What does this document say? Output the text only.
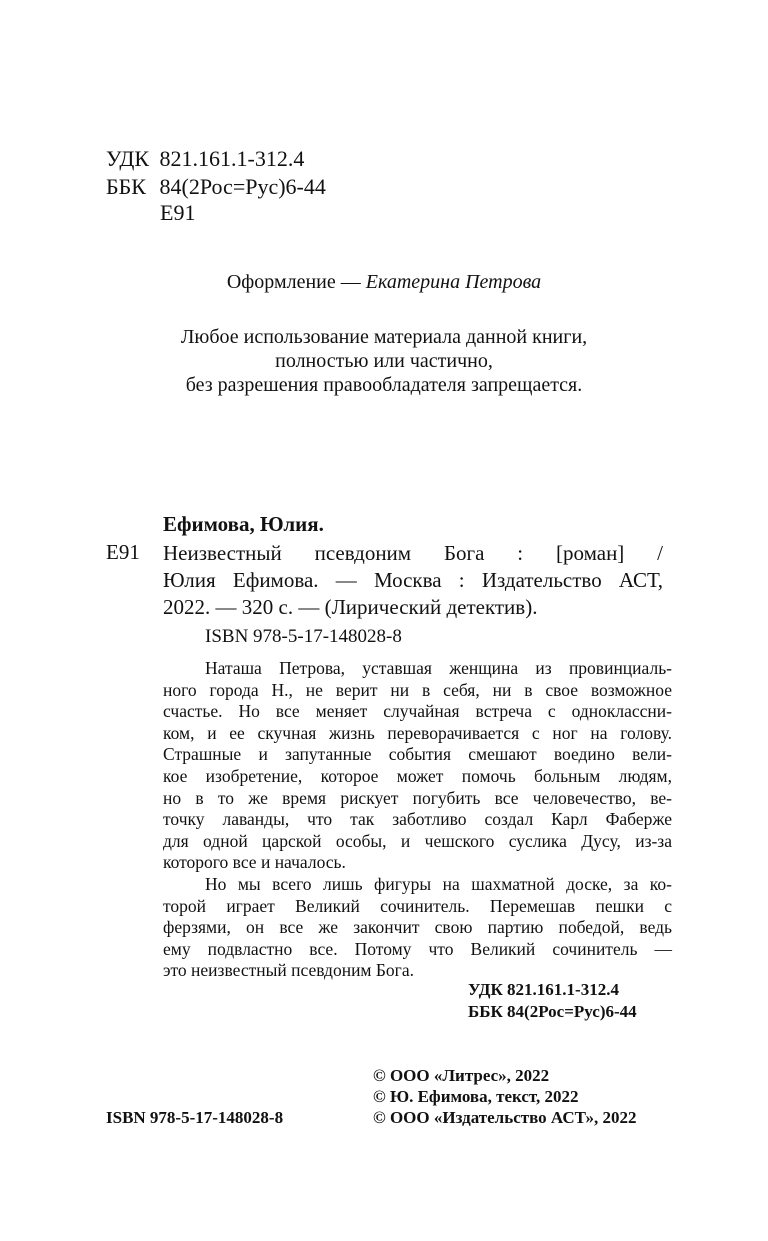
УДК 821.161.1-312.4
ББК 84(2Рос=Рус)6-44
Е91
Оформление — Екатерина Петрова
Любое использование материала данной книги,
полностью или частично,
без разрешения правообладателя запрещается.
Ефимова, Юлия.
Е91 Неизвестный псевдоним Бога : [роман] /
Юлия Ефимова. — Москва : Издательство АСТ,
2022. — 320 с. — (Лирический детектив).
ISBN 978-5-17-148028-8
Наташа Петрова, уставшая женщина из провинциаль-
ного города Н., не верит ни в себя, ни в свое возможное
счастье. Но все меняет случайная встреча с одноклассни-
ком, и ее скучная жизнь переворачивается с ног на голову.
Страшные и запутанные события смешают воедино вели-
кое изобретение, которое может помочь больным людям,
но в то же время рискует погубить все человечество, ве-
точку лаванды, что так заботливо создал Карл Фаберже
для одной царской особы, и чешского суслика Дусу, из-за
которого все и началось.
Но мы всего лишь фигуры на шахматной доске, за ко-
торой играет Великий сочинитель. Перемешав пешки с
ферзями, он все же закончит свою партию победой, ведь
ему подвластно все. Потому что Великий сочинитель —
это неизвестный псевдоним Бога.
УДК 821.161.1-312.4
ББК 84(2Рос=Рус)6-44
ISBN 978-5-17-148028-8
© ООО «Литрес», 2022
© Ю. Ефимова, текст, 2022
© ООО «Издательство АСТ», 2022
